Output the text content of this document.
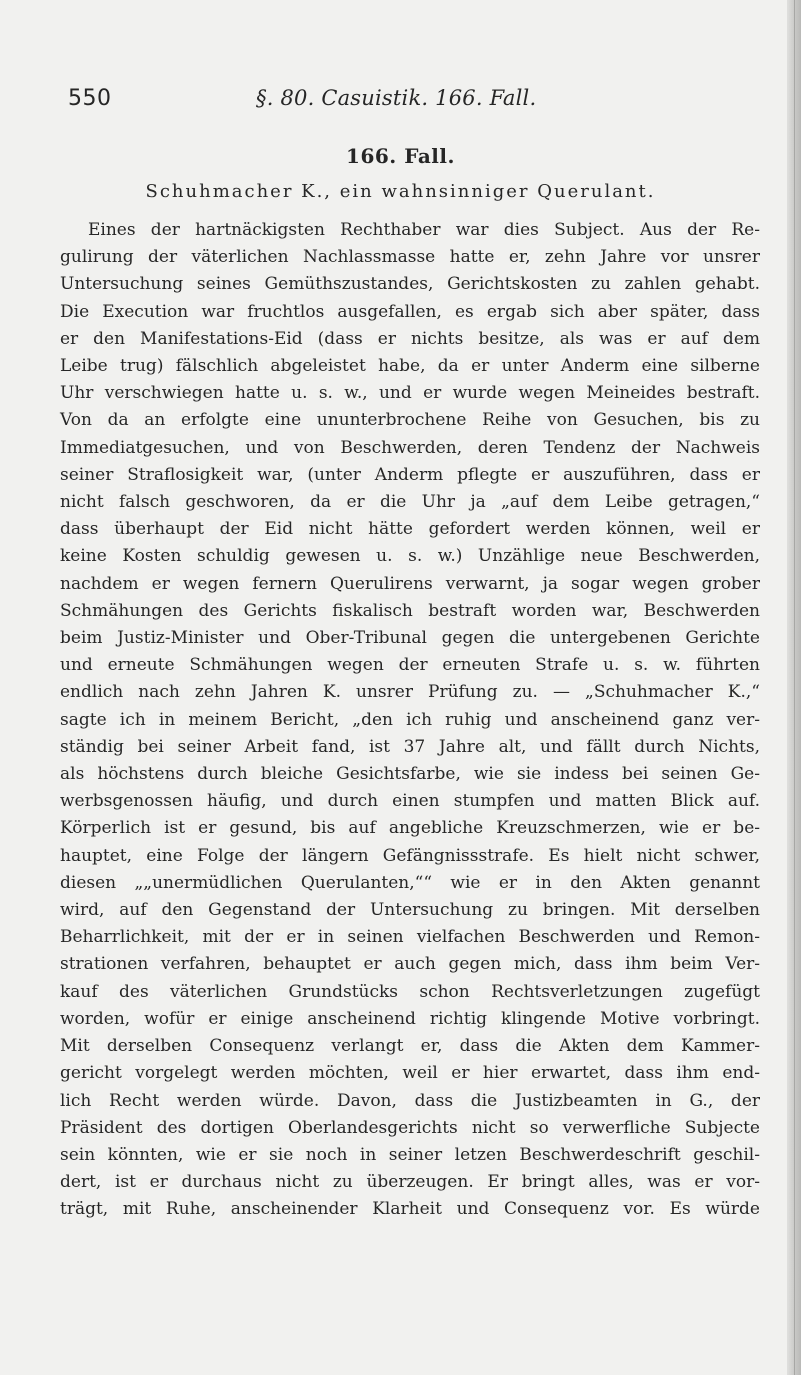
550	§. 80. Casuistik. 166. Fall.
166. Fall.
Schuhmacher K., ein wahnsinniger Querulant.
Eines der hartnäckigsten Rechthaber war dies Subject. Aus der Re-
gulirung der väterlichen Nachlassmasse hatte er, zehn Jahre vor unsrer
Untersuchung seines Gemüthszustandes, Gerichtskosten zu zahlen gehabt.
Die Execution war fruchtlos ausgefallen, es ergab sich aber später, dass
er den Manifestations-Eid (dass er nichts besitze, als was er auf dem
Leibe trug) fälschlich abgeleistet habe, da er unter Anderm eine silberne
Uhr verschwiegen hatte u. s. w., und er wurde wegen Meineides bestraft.
Von da an erfolgte eine ununterbrochene Reihe von Gesuchen, bis zu
Immediatgesuchen, und von Beschwerden, deren Tendenz der Nachweis
seiner Straflosigkeit war, (unter Anderm pflegte er auszuführen, dass er
nicht falsch geschworen, da er die Uhr ja „auf dem Leibe getragen,“
dass überhaupt der Eid nicht hätte gefordert werden können, weil er
keine Kosten schuldig gewesen u. s. w.) Unzählige neue Beschwerden,
nachdem er wegen fernern Querulirens verwarnt, ja sogar wegen grober
Schmähungen des Gerichts fiskalisch bestraft worden war, Beschwerden
beim Justiz-Minister und Ober-Tribunal gegen die untergebenen Gerichte
und erneute Schmähungen wegen der erneuten Strafe u. s. w. führten
endlich nach zehn Jahren K. unsrer Prüfung zu. — „Schuhmacher K.,“
sagte ich in meinem Bericht, „den ich ruhig und anscheinend ganz ver-
ständig bei seiner Arbeit fand, ist 37 Jahre alt, und fällt durch Nichts,
als höchstens durch bleiche Gesichtsfarbe, wie sie indess bei seinen Ge-
werbsgenossen häufig, und durch einen stumpfen und matten Blick auf.
Körperlich ist er gesund, bis auf angebliche Kreuzschmerzen, wie er be-
hauptet, eine Folge der längern Gefängnissstrafe. Es hielt nicht schwer,
diesen „„unermüdlichen Querulanten,““ wie er in den Akten genannt
wird, auf den Gegenstand der Untersuchung zu bringen. Mit derselben
Beharrlichkeit, mit der er in seinen vielfachen Beschwerden und Remon-
strationen verfahren, behauptet er auch gegen mich, dass ihm beim Ver-
kauf des väterlichen Grundstücks schon Rechtsverletzungen zugefügt
worden, wofür er einige anscheinend richtig klingende Motive vorbringt.
Mit derselben Consequenz verlangt er, dass die Akten dem Kammer-
gericht vorgelegt werden möchten, weil er hier erwartet, dass ihm end-
lich Recht werden würde. Davon, dass die Justizbeamten in G., der
Präsident des dortigen Oberlandesgerichts nicht so verwerfliche Subjecte
sein könnten, wie er sie noch in seiner letzen Beschwerdeschrift geschil-
dert, ist er durchaus nicht zu überzeugen. Er bringt alles, was er vor-
trägt, mit Ruhe, anscheinender Klarheit und Consequenz vor. Es würde
